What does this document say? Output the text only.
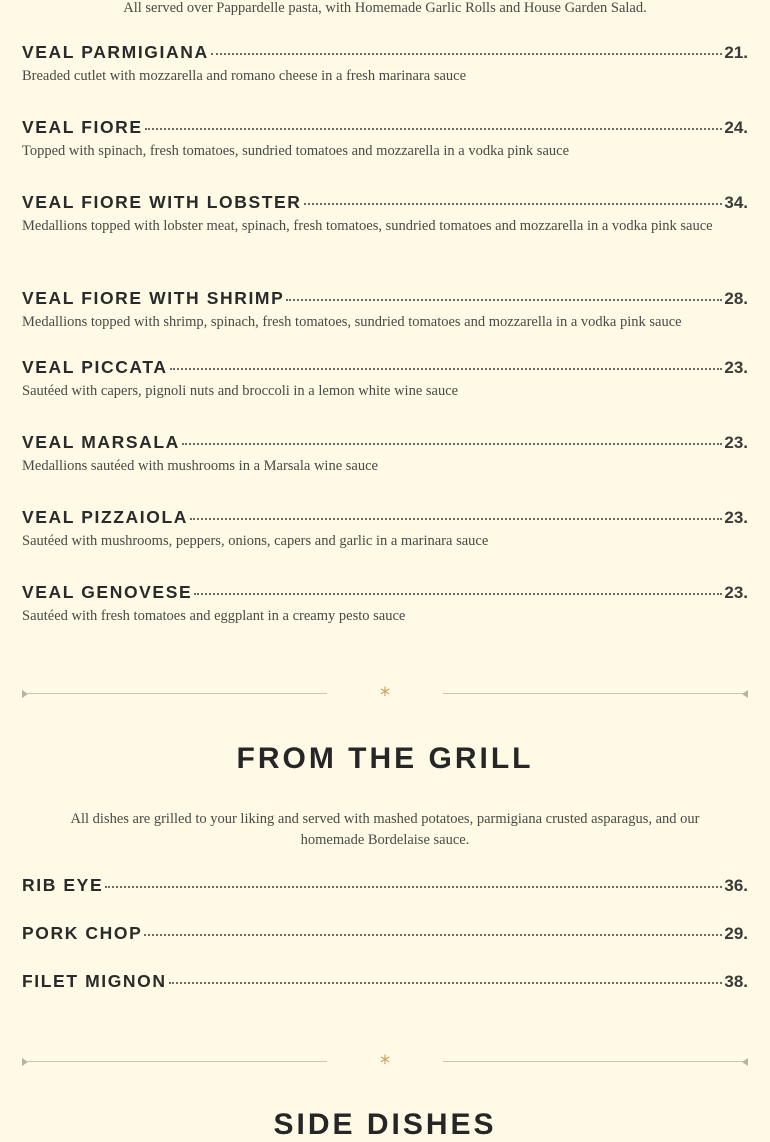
All served over Pappardelle pasta, with Homemade Garlic Rolls and House Garden Salad.
VEAL PARMIGIANA	21.
Breaded cutlet with mozzarella and romano cheese in a fresh marinara sauce
VEAL FIORE	24.
Topped with spinach, fresh tomatoes, sundried tomatoes and mozzarella in a vodka pink sauce
VEAL FIORE WITH LOBSTER	34.
Medallions topped with lobster meat, spinach, fresh tomatoes, sundried tomatoes and mozzarella in a vodka pink sauce
VEAL FIORE WITH SHRIMP	28.
Medallions topped with shrimp, spinach, fresh tomatoes, sundried tomatoes and mozzarella in a vodka pink sauce
VEAL PICCATA	23.
Sautéed with capers, pignoli nuts and broccoli in a lemon white wine sauce
VEAL MARSALA	23.
Medallions sautéed with mushrooms in a Marsala wine sauce
VEAL PIZZAIOLA	23.
Sautéed with mushrooms, peppers, onions, capers and garlic in a marinara sauce
VEAL GENOVESE	23.
Sautéed with fresh tomatoes and eggplant in a creamy pesto sauce
*
FROM THE GRILL
All dishes are grilled to your liking and served with mashed potatoes, parmigiana crusted asparagus, and our homemade Bordelaise sauce.
RIB EYE	36.
PORK CHOP	29.
FILET MIGNON	38.
*
SIDE DISHES
